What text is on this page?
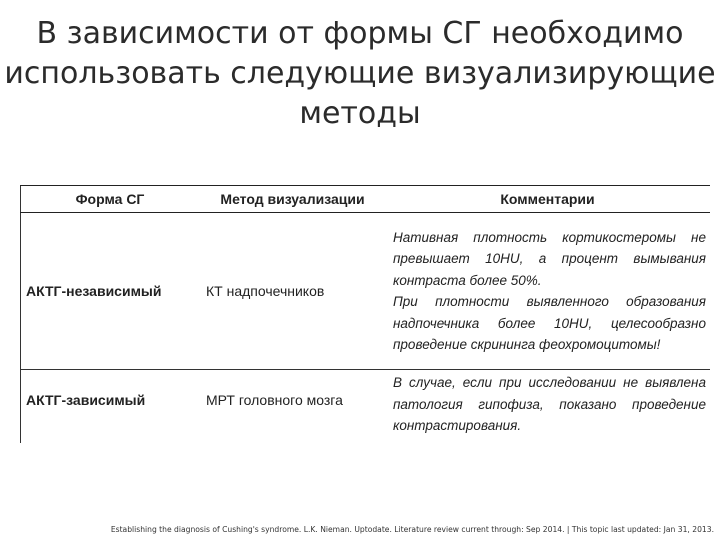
В зависимости от формы СГ необходимо
использовать следующие визуализирующие
методы
Форма СГ	Метод визуализации	Комментарии
АКТГ-независимый	КТ надпочечников	Нативная плотность кортикостеромы не превышает 10HU, а процент вымывания контраста более 50%.
При плотности выявленного образования надпочечника более 10HU, целесообразно проведение скрининга феохромоцитомы!

АКТГ-зависимый	МРТ головного мозга	В случае, если при исследовании не выявлена патология гипофиза, показано проведение контрастирования.
Establishing the diagnosis of Cushing's syndrome. L.K. Nieman. Uptodate. Literature review current through: Sep 2014. | This topic last updated: Jan 31, 2013.
